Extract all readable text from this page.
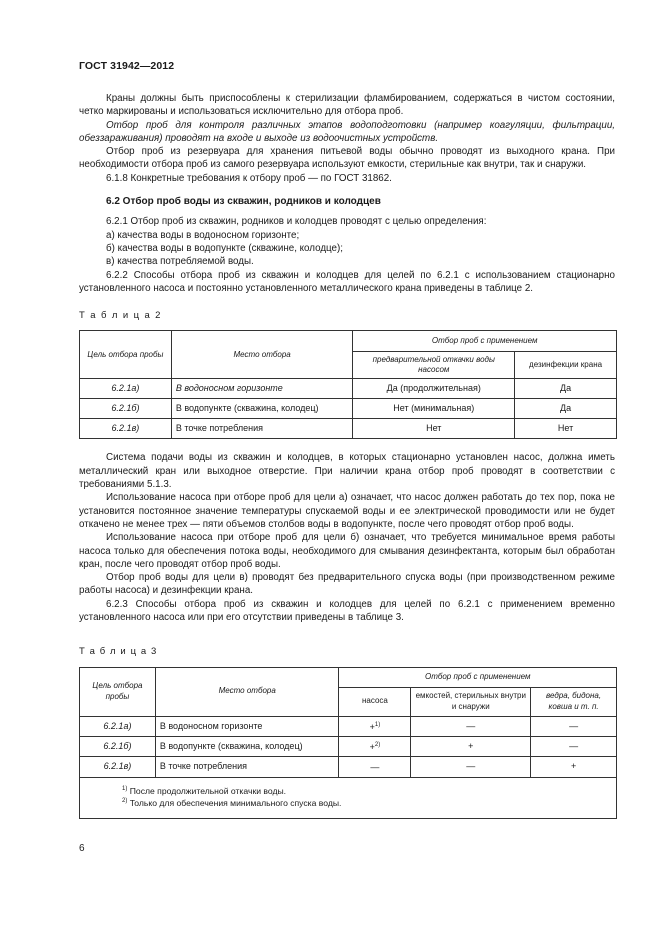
ГОСТ 31942—2012

Краны должны быть приспособлены к стерилизации фламбированием, содержаться в чистом состоянии, четко маркированы и использоваться исключительно для отбора проб.

Отбор проб для контроля различных этапов водоподготовки (например коагуляции, фильтрации, обеззараживания) проводят на входе и выходе из водоочистных устройств.

Отбор проб из резервуара для хранения питьевой воды обычно проводят из выходного крана. При необходимости отбора проб из самого резервуара используют емкости, стерильные как внутри, так и снаружи.

6.1.8 Конкретные требования к отбору проб — по ГОСТ 31862.

6.2 Отбор проб воды из скважин, родников и колодцев

6.2.1 Отбор проб из скважин, родников и колодцев проводят с целью определения:

а) качества воды в водоносном горизонте;

б) качества воды в водопункте (скважине, колодце);

в) качества потребляемой воды.

6.2.2 Способы отбора проб из скважин и колодцев для целей по 6.2.1 с использованием стационарно установленного насоса и постоянно установленного металлического крана приведены в таблице 2.

Т а б л и ц а 2
Цель отбора пробы	Место отбора	Отбор проб с применением	
		предварительной откачки воды насосом	дезинфекции крана
6.2.1а)	В водоносном горизонте	Да (продолжительная)	Да
6.2.1б)	В водопункте (скважина, колодец)	Нет (минимальная)	Да
6.2.1в)	В точке потребления	Нет	Нет

Система подачи воды из скважин и колодцев, в которых стационарно установлен насос, должна иметь металлический кран или выходное отверстие. При наличии крана отбор проб проводят в соответствии с требованиями 5.1.3.

Использование насоса при отборе проб для цели а) означает, что насос должен работать до тех пор, пока не установится постоянное значение температуры спускаемой воды и ее электрической проводимости или не будет откачено не менее трех — пяти объемов столбов воды в водопункте, после чего проводят отбор проб воды.

Использование насоса при отборе проб для цели б) означает, что требуется минимальное время работы насоса только для обеспечения потока воды, необходимого для смывания дезинфектанта, которым был обработан кран, после чего проводят отбор проб воды.

Отбор проб воды для цели в) проводят без предварительного спуска воды (при производственном режиме работы насоса) и дезинфекции крана.

6.2.3 Способы отбора проб из скважин и колодцев для целей по 6.2.1 с применением временно установленного насоса или при его отсутствии приведены в таблице 3.

Т а б л и ц а 3
Цель отбора пробы	Место отбора	Отбор проб с применением		
		насоса	емкостей, стерильных внутри и снаружи	ведра, бидона, ковша и т. п.
6.2.1а)	В водоносном горизонте	+$^{1)}$	—	—
6.2.1б)	В водопункте (скважина, колодец)	+$^{2)}$	+	—
6.2.1в)	В точке потребления	—	—	+

$^{1)}$ После продолжительной откачки воды.
$^{2)}$ Только для обеспечения минимального спуска воды.				
6
